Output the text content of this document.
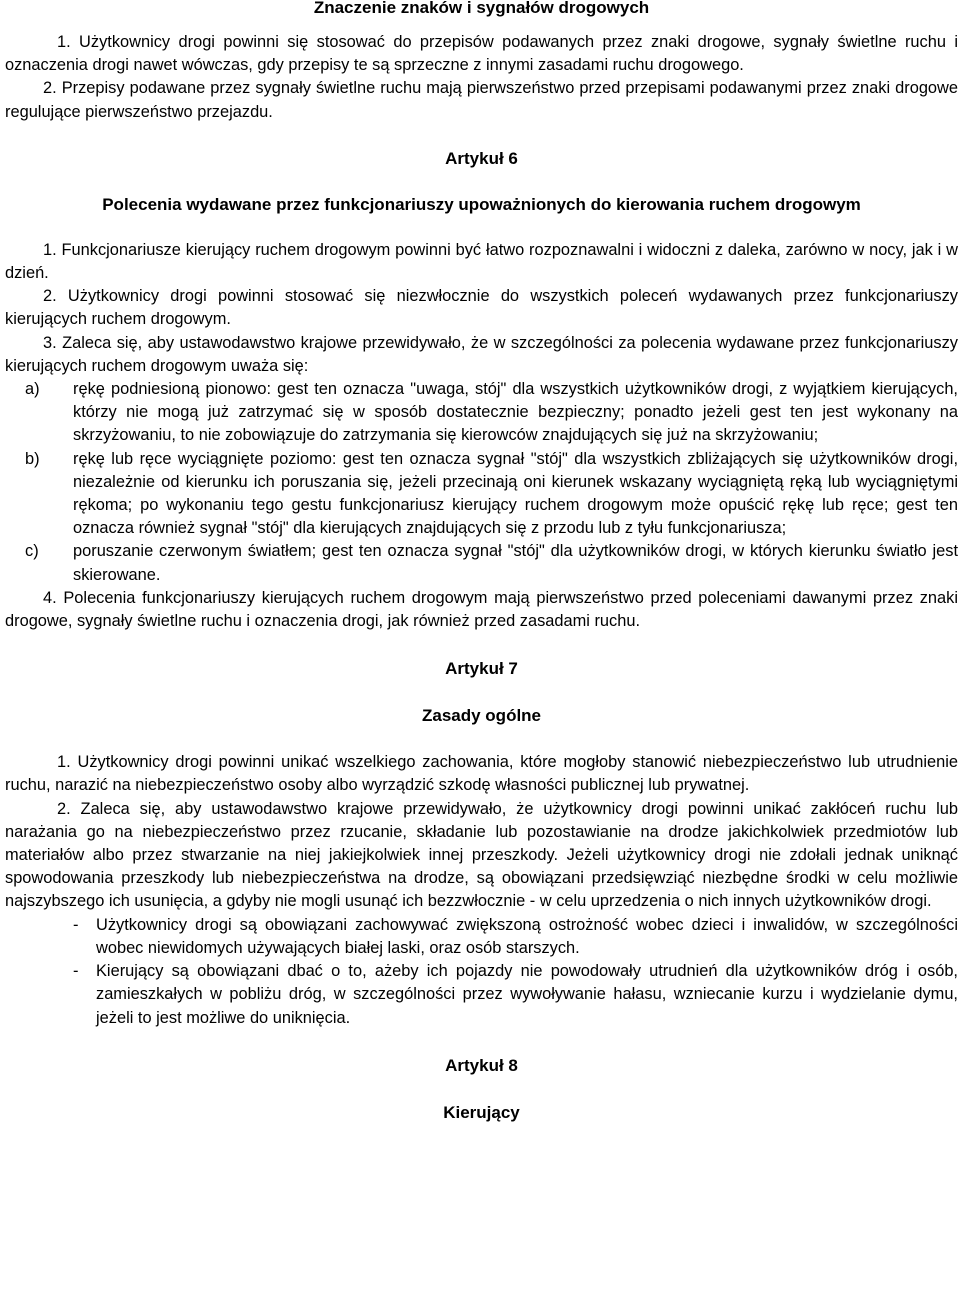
Znaczenie znaków i sygnałów drogowych

1. Użytkownicy drogi powinni się stosować do przepisów podawanych przez znaki drogowe, sygnały świetlne ruchu i oznaczenia drogi nawet wówczas, gdy przepisy te są sprzeczne z innymi zasadami ruchu drogowego.

2. Przepisy podawane przez sygnały świetlne ruchu mają pierwszeństwo przed przepisami podawanymi przez znaki drogowe regulujące pierwszeństwo przejazdu.

Artykuł 6
Polecenia wydawane przez funkcjonariuszy upoważnionych do kierowania ruchem drogowym

1. Funkcjonariusze kierujący ruchem drogowym powinni być łatwo rozpoznawalni i widoczni z daleka, zarówno w nocy, jak i w dzień.

2. Użytkownicy drogi powinni stosować się niezwłocznie do wszystkich poleceń wydawanych przez funkcjonariuszy kierujących ruchem drogowym.

3. Zaleca się, aby ustawodawstwo krajowe przewidywało, że w szczególności za polecenia wydawane przez funkcjonariuszy kierujących ruchem drogowym uważa się:

a)	rękę podniesioną pionowo: gest ten oznacza "uwaga, stój" dla wszystkich użytkowników drogi, z wyjątkiem kierujących, którzy nie mogą już zatrzymać się w sposób dostatecznie bezpieczny; ponadto jeżeli gest ten jest wykonany na skrzyżowaniu, to nie zobowiązuje do zatrzymania się kierowców znajdujących się już na skrzyżowaniu;
b)	rękę lub ręce wyciągnięte poziomo: gest ten oznacza sygnał "stój" dla wszystkich zbliżających się użytkowników drogi, niezależnie od kierunku ich poruszania się, jeżeli przecinają oni kierunek wskazany wyciągniętą ręką lub wyciągniętymi rękoma; po wykonaniu tego gestu funkcjonariusz kierujący ruchem drogowym może opuścić rękę lub ręce; gest ten oznacza również sygnał "stój" dla kierujących znajdujących się z przodu lub z tyłu funkcjonariusza;
c)	poruszanie czerwonym światłem; gest ten oznacza sygnał "stój" dla użytkowników drogi, w których kierunku światło jest skierowane.

4. Polecenia funkcjonariuszy kierujących ruchem drogowym mają pierwszeństwo przed poleceniami dawanymi przez znaki drogowe, sygnały świetlne ruchu i oznaczenia drogi, jak również przed zasadami ruchu.

Artykuł 7
Zasady ogólne

1. Użytkownicy drogi powinni unikać wszelkiego zachowania, które mogłoby stanowić niebezpieczeństwo lub utrudnienie ruchu, narazić na niebezpieczeństwo osoby albo wyrządzić szkodę własności publicznej lub prywatnej.

2. Zaleca się, aby ustawodawstwo krajowe przewidywało, że użytkownicy drogi powinni unikać zakłóceń ruchu lub narażania go na niebezpieczeństwo przez rzucanie, składanie lub pozostawianie na drodze jakichkolwiek przedmiotów lub materiałów albo przez stwarzanie na niej jakiejkolwiek innej przeszkody. Jeżeli użytkownicy drogi nie zdołali jednak uniknąć spowodowania przeszkody lub niebezpieczeństwa na drodze, są obowiązani przedsięwziąć niezbędne środki w celu możliwie najszybszego ich usunięcia, a gdyby nie mogli usunąć ich bezzwłocznie - w celu uprzedzenia o nich innych użytkowników drogi.

-	Użytkownicy drogi są obowiązani zachowywać zwiększoną ostrożność wobec dzieci i inwalidów, w szczególności wobec niewidomych używających białej laski, oraz osób starszych.
-	Kierujący są obowiązani dbać o to, ażeby ich pojazdy nie powodowały utrudnień dla użytkowników dróg i osób, zamieszkałych w pobliżu dróg, w szczególności przez wywoływanie hałasu, wzniecanie kurzu i wydzielanie dymu, jeżeli to jest możliwe do uniknięcia.
Artykuł 8
Kierujący
